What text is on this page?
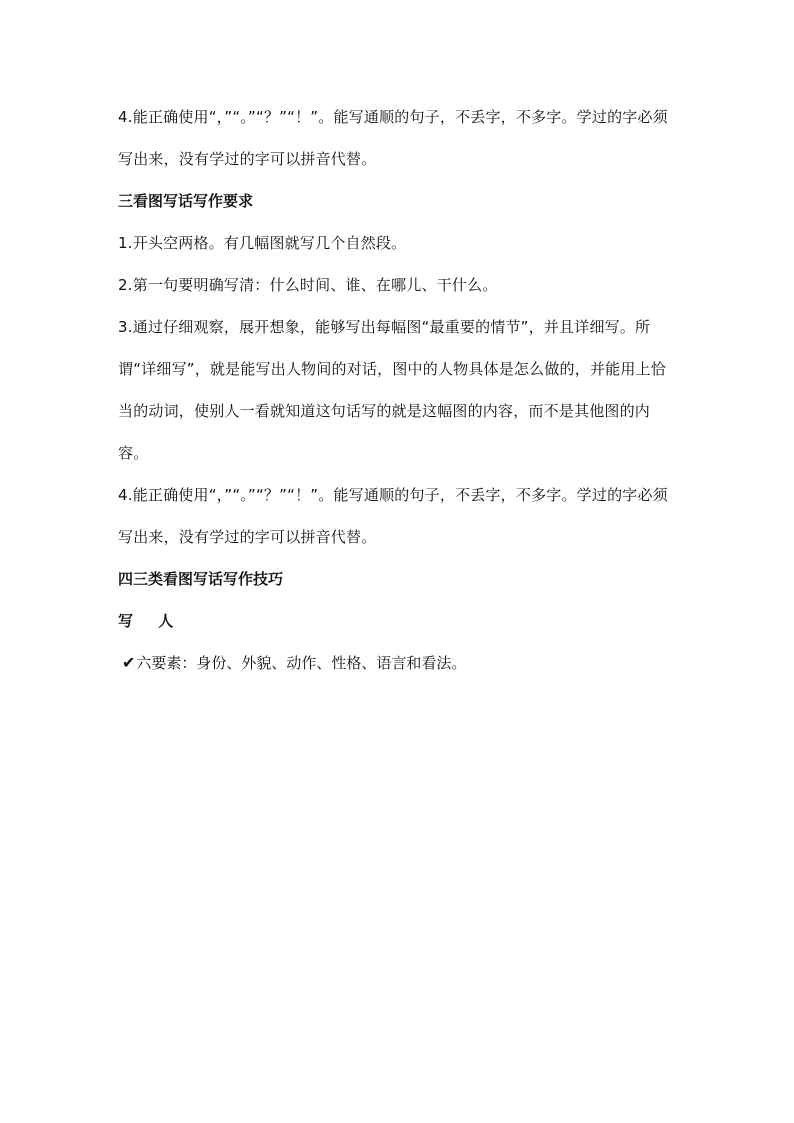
4.能正确使用“，”“。”“？”“！”。能写通顺的句子，不丢字，不多字。学过的字必须写出来，没有学过的字可以拼音代替。

三看图写话写作要求

1.开头空两格。有几幅图就写几个自然段。

2.第一句要明确写清：什么时间、谁、在哪儿、干什么。

3.通过仔细观察，展开想象，能够写出每幅图“最重要的情节”，并且详细写。所谓“详细写”，就是能写出人物间的对话，图中的人物具体是怎么做的，并能用上恰当的动词，使别人一看就知道这句话写的就是这幅图的内容，而不是其他图的内容。

4.能正确使用“，”“。”“？”“！”。能写通顺的句子，不丢字，不多字。学过的字必须写出来，没有学过的字可以拼音代替。

四三类看图写话写作技巧
写 人

✔六要素：身份、外貌、动作、性格、语言和看法。
